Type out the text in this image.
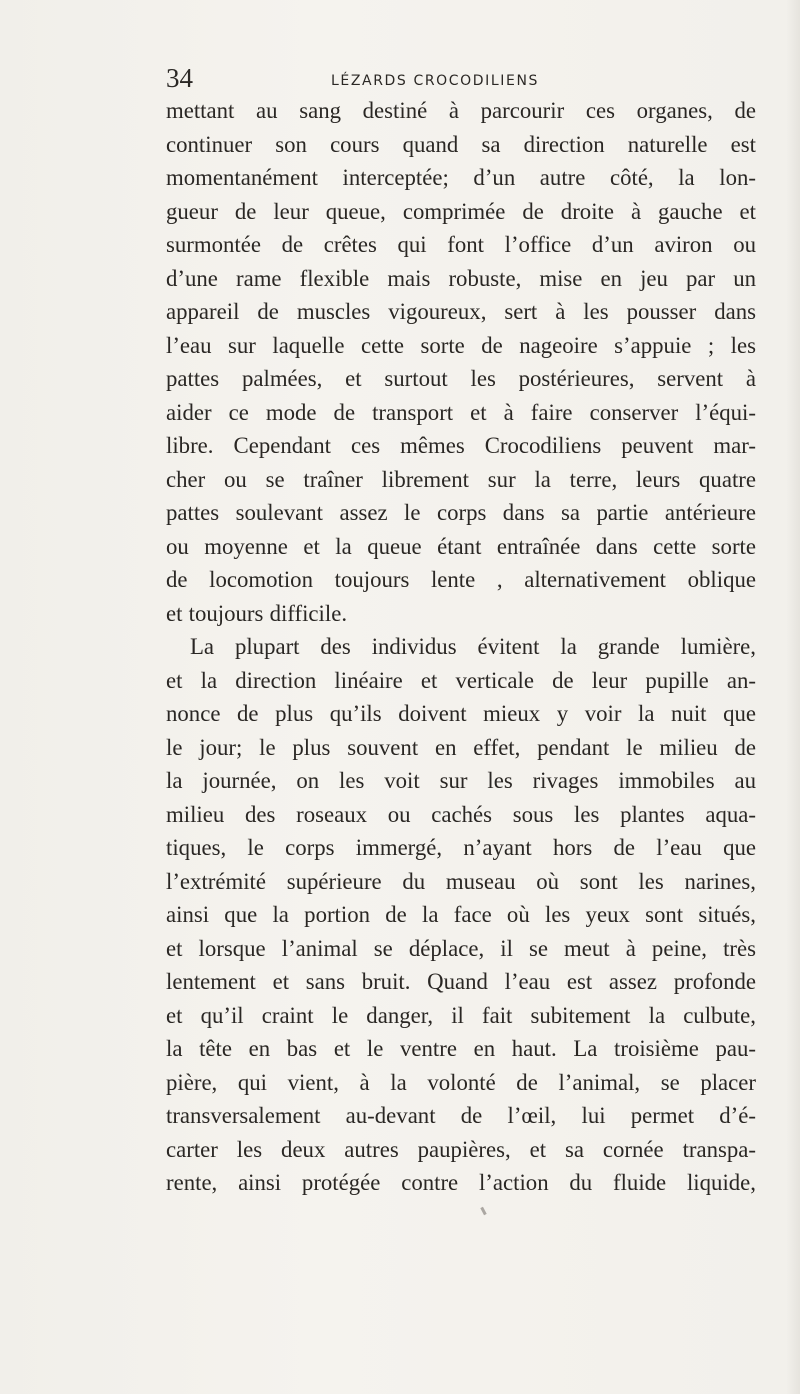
34	LÉZARDS CROCODILIENS
mettant au sang destiné à parcourir ces organes, de
continuer son cours quand sa direction naturelle est
momentanément interceptée; d’un autre côté, la lon-
gueur de leur queue, comprimée de droite à gauche et
surmontée de crêtes qui font l’office d’un aviron ou
d’une rame flexible mais robuste, mise en jeu par un
appareil de muscles vigoureux, sert à les pousser dans
l’eau sur laquelle cette sorte de nageoire s’appuie ; les
pattes palmées, et surtout les postérieures, servent à
aider ce mode de transport et à faire conserver l’équi-
libre. Cependant ces mêmes Crocodiliens peuvent mar-
cher ou se traîner librement sur la terre, leurs quatre
pattes soulevant assez le corps dans sa partie antérieure
ou moyenne et la queue étant entraînée dans cette sorte
de locomotion toujours lente , alternativement oblique
et toujours difficile.
La plupart des individus évitent la grande lumière,
et la direction linéaire et verticale de leur pupille an-
nonce de plus qu’ils doivent mieux y voir la nuit que
le jour; le plus souvent en effet, pendant le milieu de
la journée, on les voit sur les rivages immobiles au
milieu des roseaux ou cachés sous les plantes aqua-
tiques, le corps immergé, n’ayant hors de l’eau que
l’extrémité supérieure du museau où sont les narines,
ainsi que la portion de la face où les yeux sont situés,
et lorsque l’animal se déplace, il se meut à peine, très
lentement et sans bruit. Quand l’eau est assez profonde
et qu’il craint le danger, il fait subitement la culbute,
la tête en bas et le ventre en haut. La troisième pau-
pière, qui vient, à la volonté de l’animal, se placer
transversalement au-devant de l’œil, lui permet d’é-
carter les deux autres paupières, et sa cornée transpa-
rente, ainsi protégée contre l’action du fluide liquide,
